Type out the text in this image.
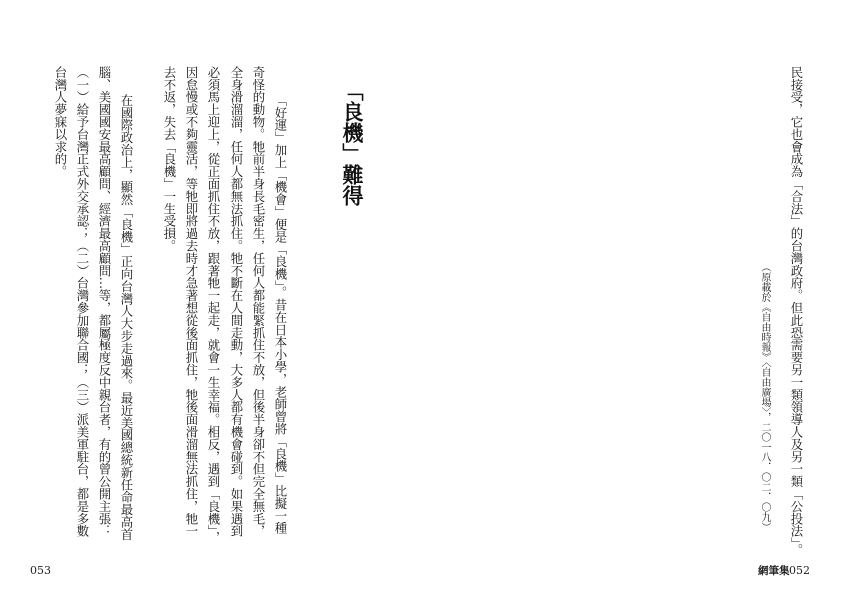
「良機」難得
「好運」加上「機會」便是「良機」。昔在日本小學，老師曾將「良機」比擬一種
奇怪的動物。牠前半身長毛密生，任何人都能緊抓住不放，但後半身卻不但完全無毛，
全身滑溜溜，任何人都無法抓住。牠不斷在人間走動，大多人都有機會碰到。如果遇到
必須馬上迎上，從正面抓住不放，跟著牠一起走，就會一生幸福。相反，遇到「良機」，
因怠慢或不夠靈活，等牠即將過去時才急著想從後面抓住，牠後面滑溜無法抓住，牠一
去不返，失去「良機」一生受損。
在國際政治上，顯然「良機」正向台灣人大步走過來。最近美國總統新任命最高首
腦、美國國安最高顧問、經濟最高顧問…等，都屬極度反中親台者，有的曾公開主張：
（一）給予台灣正式外交承認；（二）台灣參加聯合國；（三）派美軍駐台，都是多數
台灣人夢寐以求的。
053
民接受，它也會成為「合法」的台灣政府。但此恐需要另一類領導人及另一類「公投法」。
（原載於《自由時報》〈自由廣場〉，二〇一八．〇二．〇九）
網筆集 052
